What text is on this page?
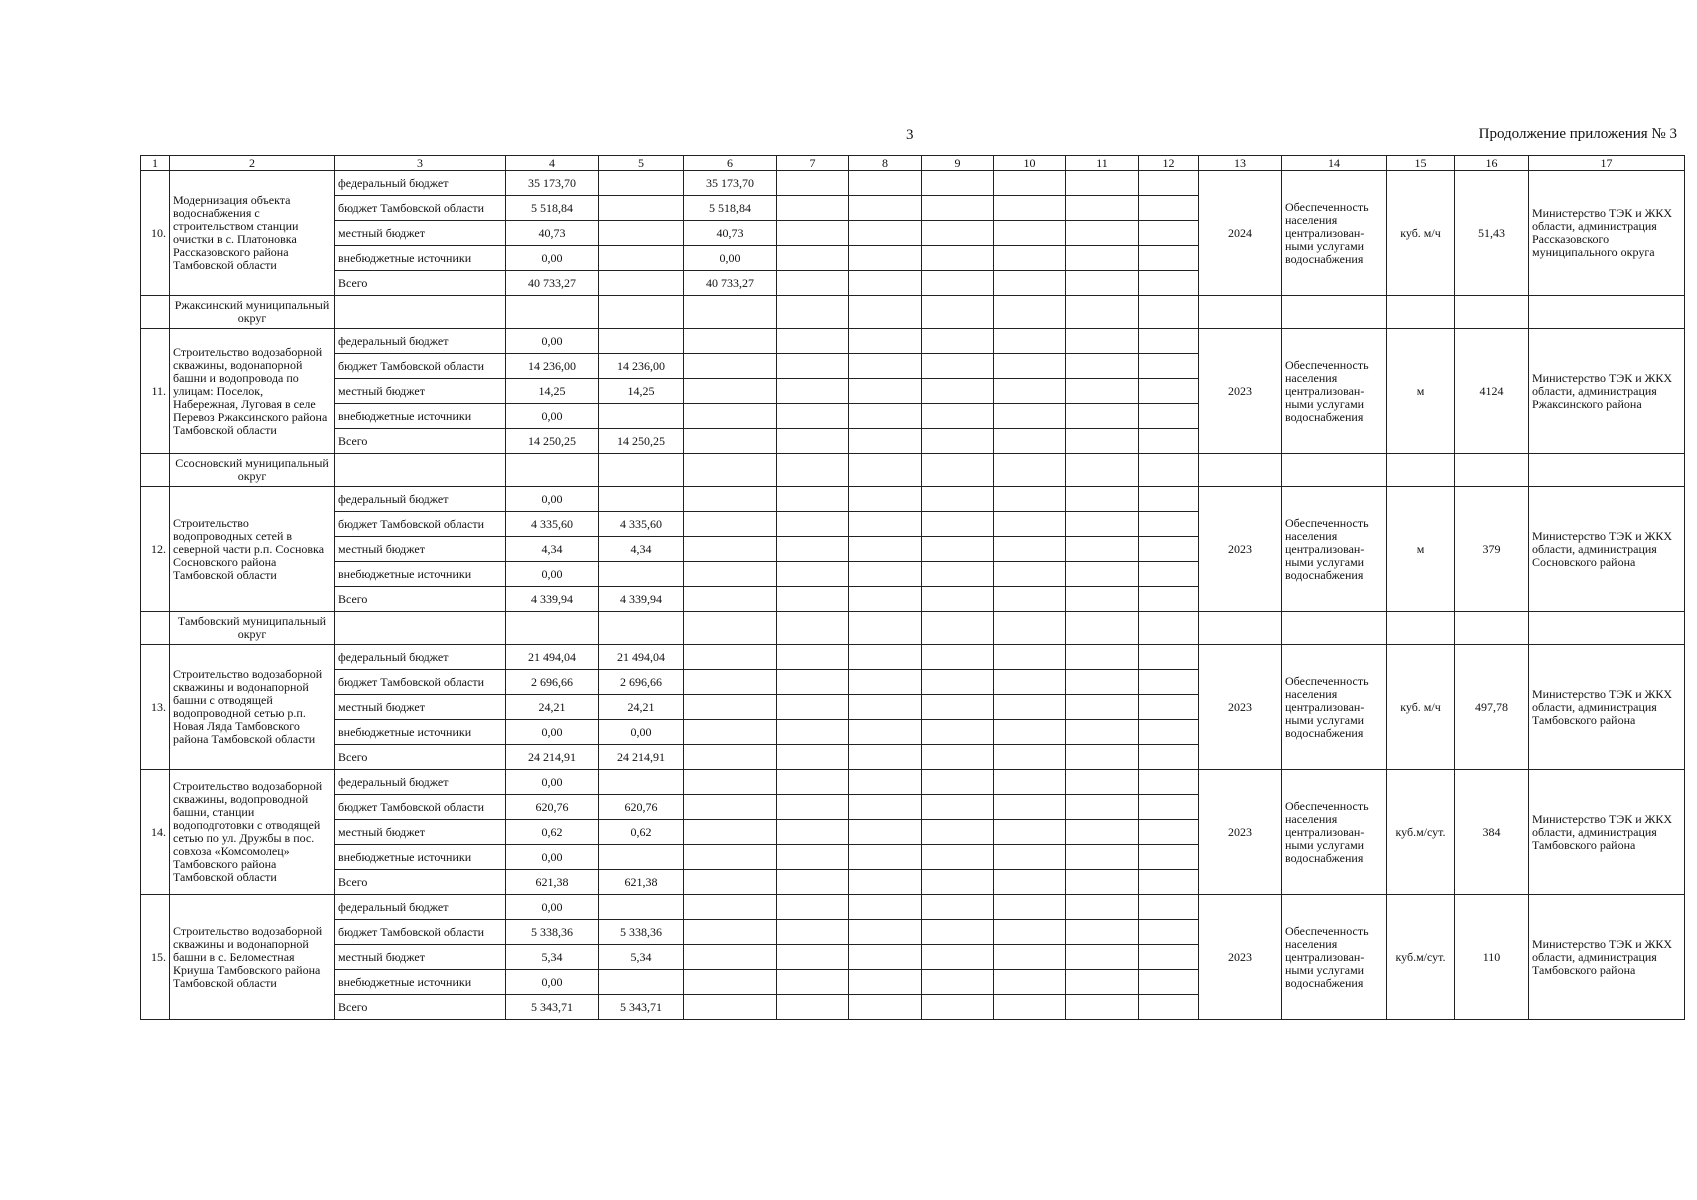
3	Продолжение приложения № 3
1	2	3	4	5	6	7	8	9	10	11	12	13	14	15	16	17
10.	Модернизация объекта водоснабжения с строительством станции очистки в с. Платоновка Рассказовского района Тамбовской области	федеральный бюджет	35 173,70		35 173,70							2024	Обеспеченность населения централизован-ными услугами водоснабжения	куб. м/ч	51,43	Министерство ТЭК и ЖКХ области, администрация Рассказовского муниципального округа
		бюджет Тамбовской области	5 518,84		5 518,84											
		местный бюджет	40,73		40,73											
		внебюджетные источники	0,00		0,00											
		Всего	40 733,27		40 733,27											
	Ржаксинский муниципальный округ															
11.	Строительство водозаборной скважины, водонапорной башни и водопровода по улицам: Поселок, Набережная, Луговая в селе Перевоз Ржаксинского района Тамбовской области	федеральный бюджет	0,00									2023	Обеспеченность населения централизован-ными услугами водоснабжения	м	4124	Министерство ТЭК и ЖКХ области, администрация Ржаксинского района
		бюджет Тамбовской области	14 236,00	14 236,00												
		местный бюджет	14,25	14,25												
		внебюджетные источники	0,00													
		Всего	14 250,25	14 250,25												
	Ссосновский муниципальный округ															
12.	Строительство водопроводных сетей в северной части р.п. Сосновка Сосновского района Тамбовской области	федеральный бюджет	0,00									2023	Обеспеченность населения централизован-ными услугами водоснабжения	м	379	Министерство ТЭК и ЖКХ области, администрация Сосновского района
		бюджет Тамбовской области	4 335,60	4 335,60												
		местный бюджет	4,34	4,34												
		внебюджетные источники	0,00													
		Всего	4 339,94	4 339,94												
	Тамбовский муниципальный округ															
13.	Строительство водозаборной скважины и водонапорной башни с отводящей водопроводной сетью р.п. Новая Ляда Тамбовского района Тамбовской области	федеральный бюджет	21 494,04	21 494,04								2023	Обеспеченность населения централизован-ными услугами водоснабжения	куб. м/ч	497,78	Министерство ТЭК и ЖКХ области, администрация Тамбовского района
		бюджет Тамбовской области	2 696,66	2 696,66												
		местный бюджет	24,21	24,21												
		внебюджетные источники	0,00	0,00												
		Всего	24 214,91	24 214,91												
14.	Строительство водозаборной скважины, водопроводной башни, станции водоподготовки с отводящей сетью по ул. Дружбы в пос. совхоза «Комсомолец» Тамбовского района Тамбовской области	федеральный бюджет	0,00									2023	Обеспеченность населения централизован-ными услугами водоснабжения	куб.м/сут.	384	Министерство ТЭК и ЖКХ области, администрация Тамбовского района
		бюджет Тамбовской области	620,76	620,76												
		местный бюджет	0,62	0,62												
		внебюджетные источники	0,00													
		Всего	621,38	621,38												
15.	Строительство водозаборной скважины и водонапорной башни в с. Беломестная Криуша Тамбовского района Тамбовской области	федеральный бюджет	0,00									2023	Обеспеченность населения централизован-ными услугами водоснабжения	куб.м/сут.	110	Министерство ТЭК и ЖКХ области, администрация Тамбовского района
		бюджет Тамбовской области	5 338,36	5 338,36												
		местный бюджет	5,34	5,34												
		внебюджетные источники	0,00													
		Всего	5 343,71	5 343,71												
